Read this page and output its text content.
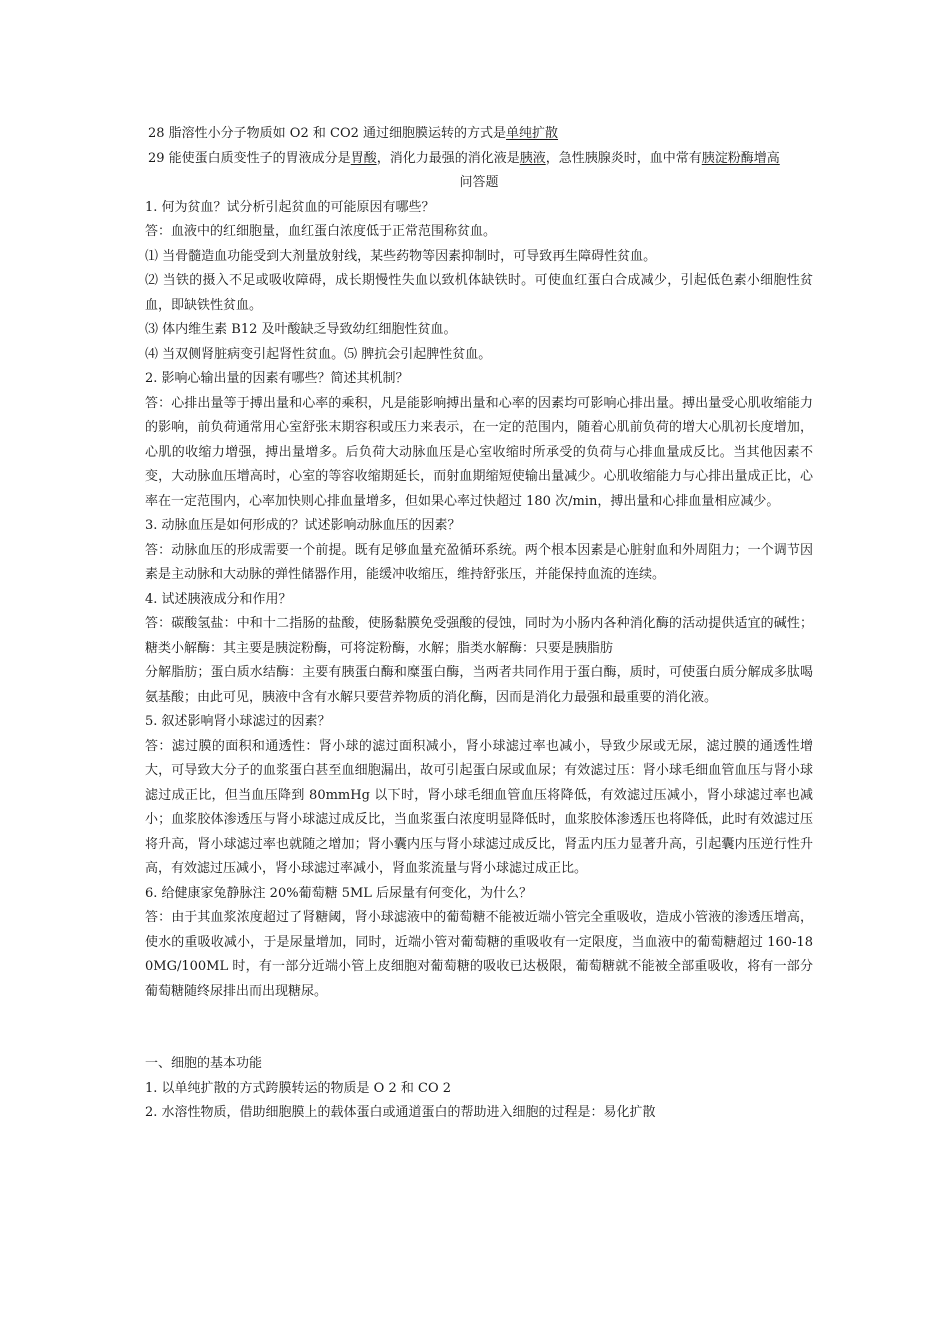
28 脂溶性小分子物质如 O2 和 CO2 通过细胞膜运转的方式是单纯扩散

29 能使蛋白质变性子的胃液成分是胃酸，消化力最强的消化液是胰液，急性胰腺炎时，血中常有胰淀粉酶增高

问答题

1. 何为贫血？试分析引起贫血的可能原因有哪些？

答：血液中的红细胞量，血红蛋白浓度低于正常范围称贫血。

⑴ 当骨髓造血功能受到大剂量放射线，某些药物等因素抑制时，可导致再生障碍性贫血。

⑵ 当铁的摄入不足或吸收障碍，成长期慢性失血以致机体缺铁时。可使血红蛋白合成减少，引起低色素小细胞性贫血，即缺铁性贫血。

⑶ 体内维生素 B12 及叶酸缺乏导致幼红细胞性贫血。

⑷ 当双侧肾脏病变引起肾性贫血。⑸ 脾抗会引起脾性贫血。

2. 影响心输出量的因素有哪些？简述其机制？

答：心排出量等于搏出量和心率的乘积，凡是能影响搏出量和心率的因素均可影响心排出量。搏出量受心肌收缩能力的影响，前负荷通常用心室舒张末期容积或压力来表示，在一定的范围内，随着心肌前负荷的增大心肌初长度增加，心肌的收缩力增强，搏出量增多。后负荷大动脉血压是心室收缩时所承受的负荷与心排血量成反比。当其他因素不变，大动脉血压增高时，心室的等容收缩期延长，而射血期缩短使输出量减少。心肌收缩能力与心排出量成正比，心率在一定范围内，心率加快则心排血量增多，但如果心率过快超过 180 次/min，搏出量和心排血量相应减少。

3. 动脉血压是如何形成的？试述影响动脉血压的因素？

答：动脉血压的形成需要一个前提。既有足够血量充盈循环系统。两个根本因素是心脏射血和外周阻力；一个调节因素是主动脉和大动脉的弹性储器作用，能缓冲收缩压，维持舒张压，并能保持血流的连续。

4. 试述胰液成分和作用？

答：碳酸氢盐：中和十二指肠的盐酸，使肠黏膜免受强酸的侵蚀，同时为小肠内各种消化酶的活动提供适宜的碱性；糖类小解酶：其主要是胰淀粉酶，可将淀粉酶，水解；脂类水解酶：只要是胰脂肪

分解脂肪；蛋白质水结酶：主要有胰蛋白酶和糜蛋白酶，当两者共同作用于蛋白酶，质时，可使蛋白质分解成多肽喝氨基酸；由此可见，胰液中含有水解只要营养物质的消化酶，因而是消化力最强和最重要的消化液。

5. 叙述影响肾小球滤过的因素？

答：滤过膜的面积和通透性：肾小球的滤过面积减小，肾小球滤过率也减小，导致少尿或无尿，滤过膜的通透性增大，可导致大分子的血浆蛋白甚至血细胞漏出，故可引起蛋白尿或血尿；有效滤过压：肾小球毛细血管血压与肾小球滤过成正比，但当血压降到 80mmHg 以下时，肾小球毛细血管血压将降低，有效滤过压减小，肾小球滤过率也减小；血浆胶体渗透压与肾小球滤过成反比，当血浆蛋白浓度明显降低时，血浆胶体渗透压也将降低，此时有效滤过压将升高，肾小球滤过率也就随之增加；肾小囊内压与肾小球滤过成反比，肾盂内压力显著升高，引起囊内压逆行性升高，有效滤过压减小，肾小球滤过率减小，肾血浆流量与肾小球滤过成正比。

6. 给健康家兔静脉注 20%葡萄糖 5ML 后尿量有何变化，为什么？

答：由于其血浆浓度超过了肾糖阈，肾小球滤液中的葡萄糖不能被近端小管完全重吸收，造成小管液的渗透压增高，使水的重吸收减小，于是尿量增加，同时，近端小管对葡萄糖的重吸收有一定限度，当血液中的葡萄糖超过 160-180MG/100ML 时，有一部分近端小管上皮细胞对葡萄糖的吸收已达极限，葡萄糖就不能被全部重吸收，将有一部分葡萄糖随终尿排出而出现糖尿。

一、细胞的基本功能

1. 以单纯扩散的方式跨膜转运的物质是 O 2 和 CO 2

2. 水溶性物质，借助细胞膜上的载体蛋白或通道蛋白的帮助进入细胞的过程是：易化扩散
